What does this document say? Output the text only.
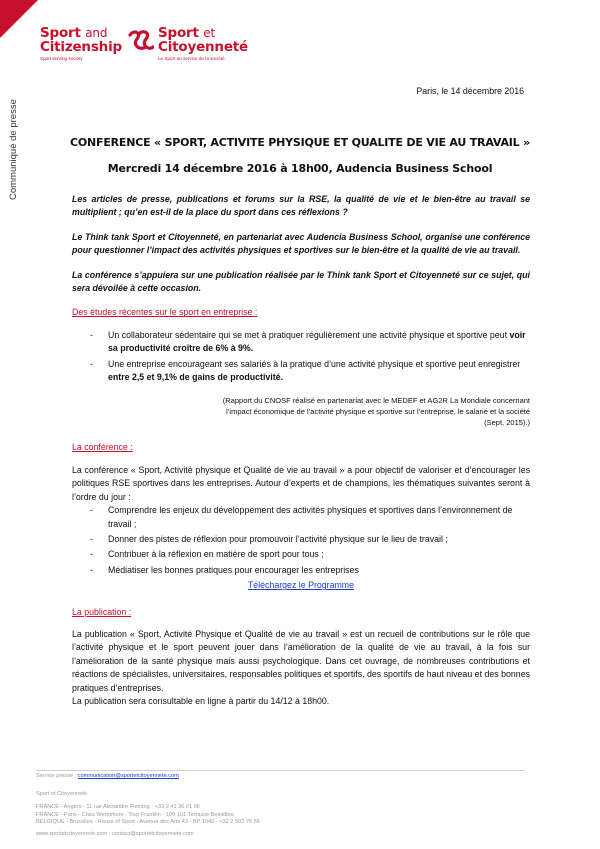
Sport and
Citizenship
Sport serving society
Sport et
Citoyenneté
Le Sport au service de la société
Communiqué de presse
Paris, le 14 décembre 2016
CONFERENCE « SPORT, ACTIVITE PHYSIQUE ET QUALITE DE VIE AU TRAVAIL »
Mercredi 14 décembre 2016 à 18h00, Audencia Business School

Les articles de presse, publications et forums sur la RSE, la qualité de vie et le bien-être au travail se multiplient ; qu’en est-il de la place du sport dans ces réflexions ?

Le Think tank Sport et Citoyenneté, en partenariat avec Audencia Business School, organise une conférence pour questionner l’impact des activités physiques et sportives sur le bien-être et la qualité de vie au travail.

La conférence s’appuiera sur une publication réalisée par le Think tank Sport et Citoyenneté sur ce sujet, qui sera dévoilée à cette occasion.

Des études récentes sur le sport en entreprise :
- Un collaborateur sédentaire qui se met à pratiquer régulièrement une activité physique et sportive peut voir sa productivité croître de 6% à 9%.
- Une entreprise encourageant ses salariés à la pratique d’une activité physique et sportive peut enregistrer entre 2,5 et 9,1% de gains de productivité.

(Rapport du CNOSF réalisé en partenariat avec le MEDEF et AG2R La Mondiale concernant l’impact économique de l’activité physique et sportive sur l’entreprise, le salarié et la société (Sept. 2015).)

La conférence :

La conférence « Sport, Activité physique et Qualité de vie au travail » a pour objectif de valoriser et d’encourager les politiques RSE sportives dans les entreprises. Autour d’experts et de champions, les thématiques suivantes seront à l’ordre du jour :

- Comprendre les enjeux du développement des activités physiques et sportives dans l’environnement de travail ;
- Donner des pistes de réflexion pour promouvoir l’activité physique sur le lieu de travail ;
- Contribuer à la réflexion en matière de sport pour tous ;
- Médiatiser les bonnes pratiques pour encourager les entreprises
Téléchargez le Programme
La publication :

La publication « Sport, Activité Physique et Qualité de vie au travail » est un recueil de contributions sur le rôle que l’activité physique et le sport peuvent jouer dans l’amélioration de la qualité de vie au travail, à la fois sur l’amélioration de la santé physique mais aussi psychologique. Dans cet ouvrage, de nombreuses contributions et réactions de spécialistes, universitaires, responsables politiques et sportifs, des sportifs de haut niveau et des bonnes pratiques d’entreprises.

La publication sera consultable en ligne à partir du 14/12 à 18h00.

Service presse : communication@sportetcitoyennete.com
Sport et Citoyenneté
FRANCE - Angers - 11 rue Alexandre Fleming - +33 2 41 36 21 96
FRANCE - Paris - Chez Wereshore - Tour Franklin - 100-101 Terrasse Boieldieu
BELGIQUE - Bruxelles - House of Sport - Avenue des Arts 43 - BP 1040 - +32 2 502 76 56
www.sportetcitoyennete.com - contact@sportetcitoyennete.com
